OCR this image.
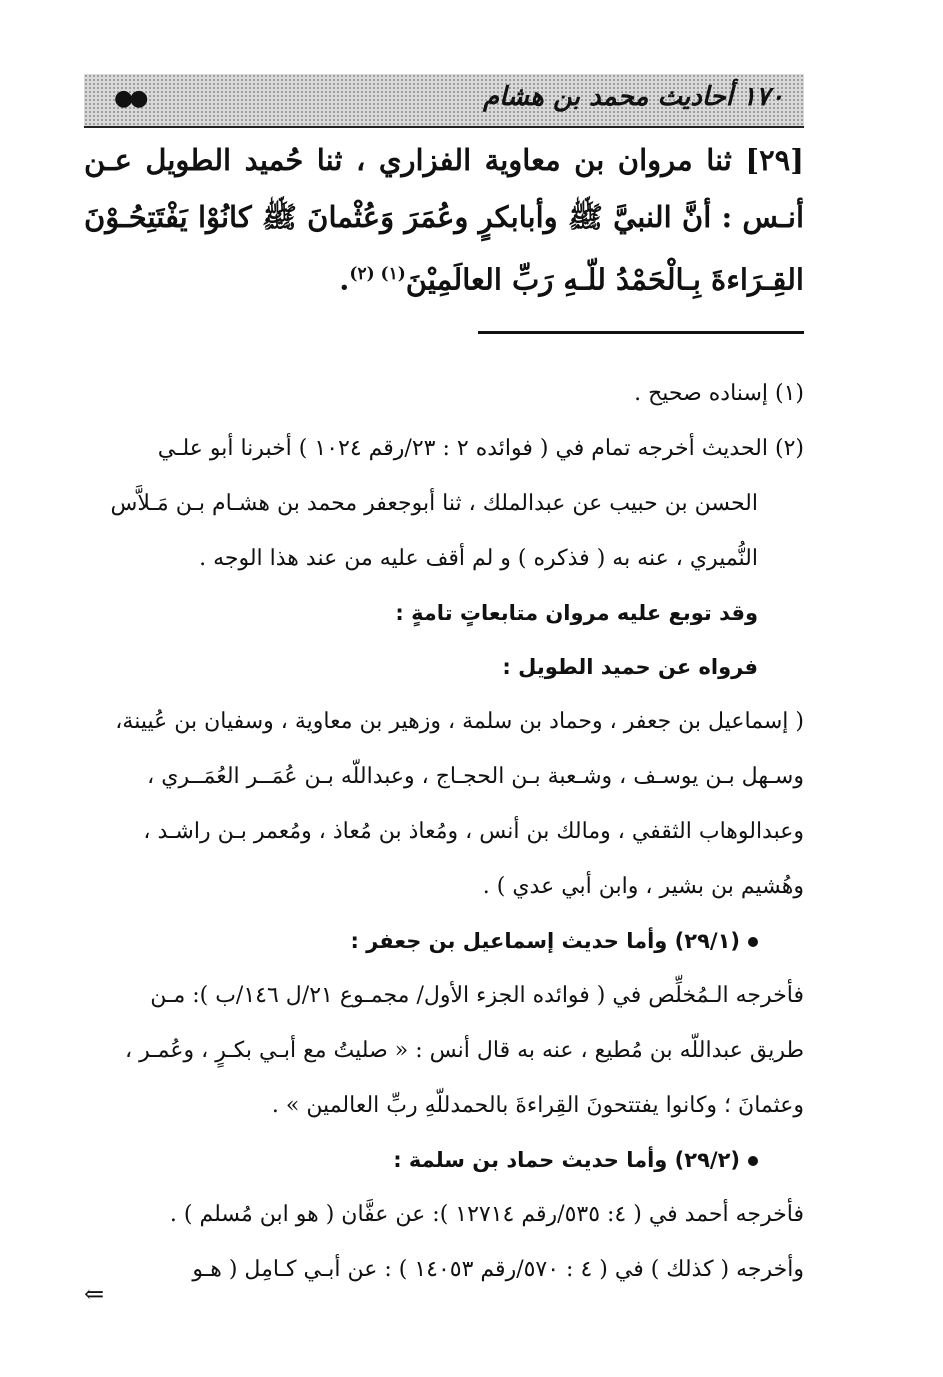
١٧٠ أحاديث محمد بن هشام
●●
[٢٩] ثنا مروان بن معاوية الفزاري ، ثنا حُميد الطويل عـن أنـس : أنَّ النبيَّ ﷺ وأبابكرٍ وعُمَرَ وَعُثْمانَ ﷺ كانُوْا يَفْتَتِحُـوْنَ القِـرَاءةَ بِـالْحَمْدُ للّـهِ رَبِّ العالَمِيْنَ$^{(١) (٢)}$.

(١) إسناده صحيح .

(٢) الحديث أخرجه تمام في ( فوائده ٢ : ٢٣/رقم ١٠٢٤ ) أخبرنا أبو علـي

الحسن بن حبيب عن عبدالملك ، ثنا أبوجعفر محمد بن هشـام بـن مَـلاَّس

النُّميري ، عنه به ( فذكره ) و لم أقف عليه من عند هذا الوجه .

وقد توبع عليه مروان متابعاتٍ تامةٍ :

فرواه عن حميد الطويل :

( إسماعيل بن جعفر ، وحماد بن سلمة ، وزهير بن معاوية ، وسفيان بن عُيينة،

وسـهل بـن يوسـف ، وشـعبة بـن الحجـاج ، وعبداللّه بـن عُمَــر العُمَــري ،

وعبدالوهاب الثقفي ، ومالك بن أنس ، ومُعاذ بن مُعاذ ، ومُعمر بـن راشـد ،

وهُشيم بن بشير ، وابن أبي عدي ) .

(٢٩/١) وأما حديث إسماعيل بن جعفر :

فأخرجه الـمُخلِّص في ( فوائده الجزء الأول/ مجمـوع ٢١/ل ١٤٦/ب ): مـن

طريق عبداللّه بن مُطيع ، عنه به قال أنس : « صليتُ مع أبـي بكـرٍ ، وعُمـر ،

وعثمانَ ؛ وكانوا يفتتحونَ القِراءةَ بالحمدللّهِ ربِّ العالمين » .

(٢٩/٢) وأما حديث حماد بن سلمة :

فأخرجه أحمد في ( ٤: ٥٣٥/رقم ١٢٧١٤ ): عن عفَّان ( هو ابن مُسلم ) .

وأخرجه ( كذلك ) في ( ٤ : ٥٧٠/رقم ١٤٠٥٣ ) : عن أبـي كـامِل ( هـو

⇐
